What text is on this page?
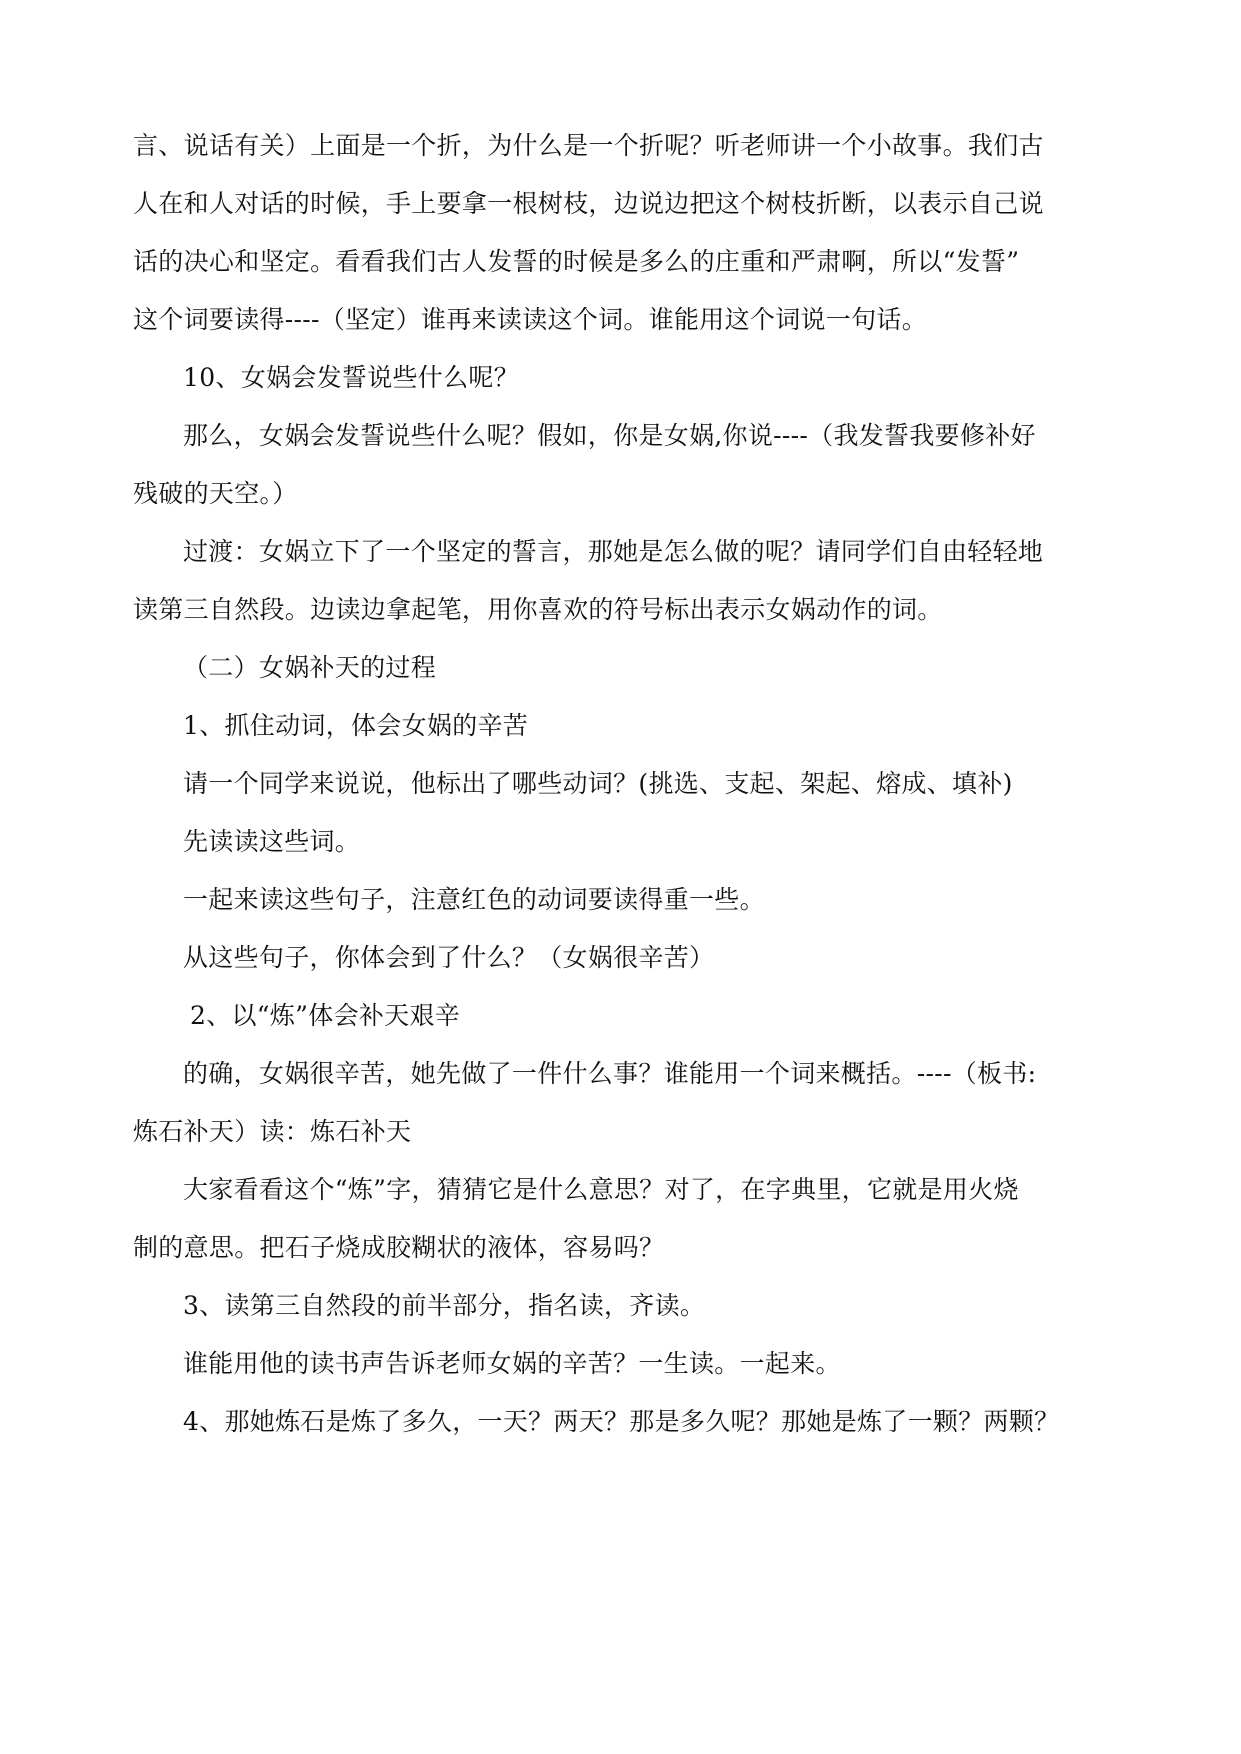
言、说话有关）上面是一个折，为什么是一个折呢？听老师讲一个小故事。我们古
人在和人对话的时候，手上要拿一根树枝，边说边把这个树枝折断，以表示自己说
话的决心和坚定。看看我们古人发誓的时候是多么的庄重和严肃啊，所以“发誓”
这个词要读得----（坚定）谁再来读读这个词。谁能用这个词说一句话。
10、女娲会发誓说些什么呢？
那么，女娲会发誓说些什么呢？假如，你是女娲,你说----（我发誓我要修补好
残破的天空。）
过渡：女娲立下了一个坚定的誓言，那她是怎么做的呢？请同学们自由轻轻地
读第三自然段。边读边拿起笔，用你喜欢的符号标出表示女娲动作的词。
（二）女娲补天的过程
1、抓住动词，体会女娲的辛苦
请一个同学来说说，他标出了哪些动词？(挑选、支起、架起、熔成、填补)
先读读这些词。
一起来读这些句子，注意红色的动词要读得重一些。
从这些句子，你体会到了什么？（女娲很辛苦）
2、以“炼”体会补天艰辛
的确，女娲很辛苦，她先做了一件什么事？谁能用一个词来概括。----（板书:
炼石补天）读：炼石补天
大家看看这个“炼”字，猜猜它是什么意思？对了，在字典里，它就是用火烧
制的意思。把石子烧成胶糊状的液体，容易吗？
3、读第三自然段的前半部分，指名读，齐读。
谁能用他的读书声告诉老师女娲的辛苦？一生读。一起来。
4、那她炼石是炼了多久，一天？两天？那是多久呢？那她是炼了一颗？两颗？
